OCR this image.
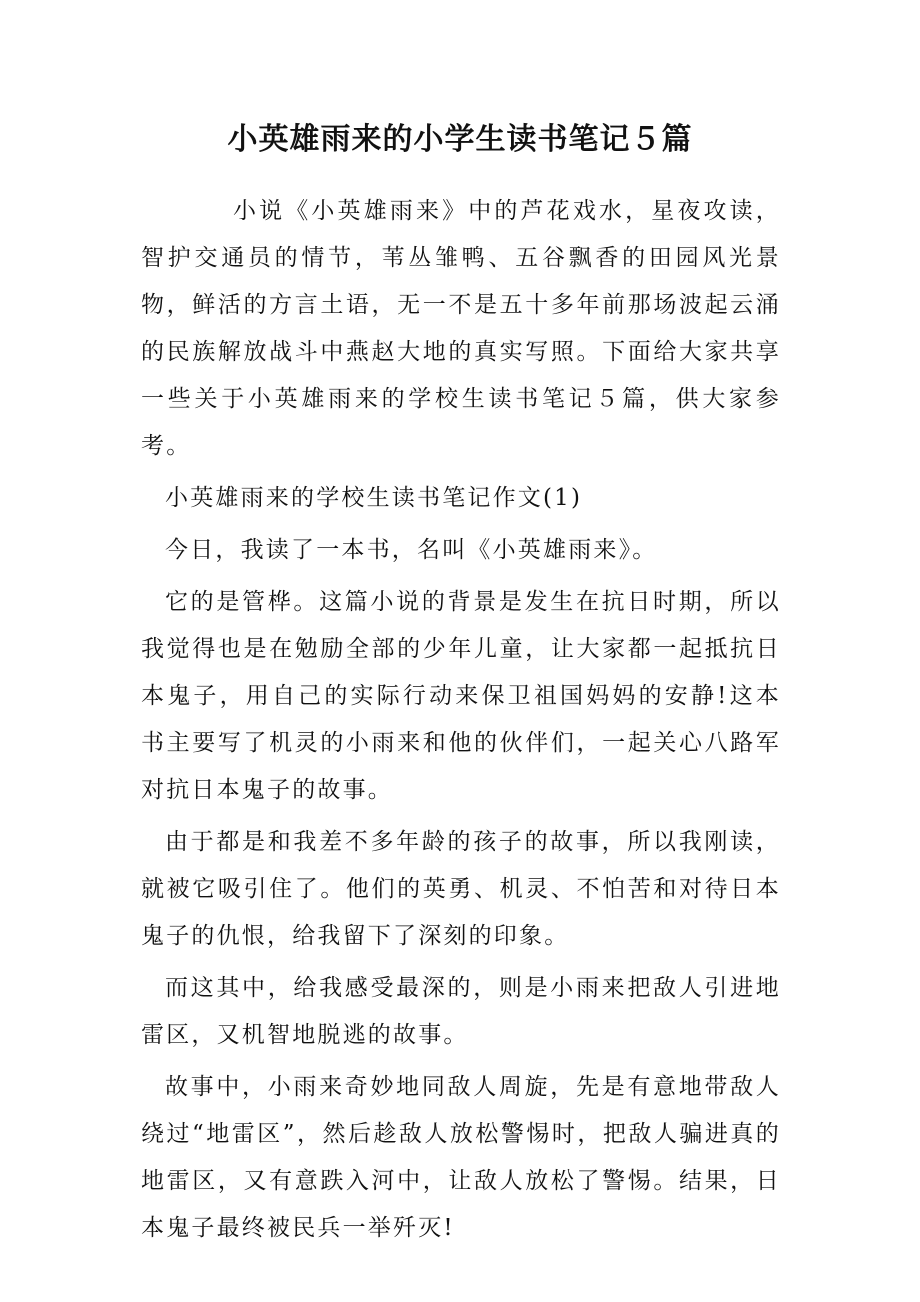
小英雄雨来的小学生读书笔记５篇

小说《小英雄雨来》中的芦花戏水，星夜攻读，智护交通员的情节，苇丛雏鸭、五谷飘香的田园风光景物，鲜活的方言土语，无一不是五十多年前那场波起云涌的民族解放战斗中燕赵大地的真实写照。下面给大家共享一些关于小英雄雨来的学校生读书笔记５篇，供大家参考。

小英雄雨来的学校生读书笔记作文(1)

今日，我读了一本书，名叫《小英雄雨来》。

它的是管桦。这篇小说的背景是发生在抗日时期，所以我觉得也是在勉励全部的少年儿童，让大家都一起抵抗日本鬼子，用自己的实际行动来保卫祖国妈妈的安静!这本书主要写了机灵的小雨来和他的伙伴们，一起关心八路军对抗日本鬼子的故事。

由于都是和我差不多年龄的孩子的故事，所以我刚读，就被它吸引住了。他们的英勇、机灵、不怕苦和对待日本鬼子的仇恨，给我留下了深刻的印象。

而这其中，给我感受最深的，则是小雨来把敌人引进地雷区，又机智地脱逃的故事。

故事中，小雨来奇妙地同敌人周旋，先是有意地带敌人绕过“地雷区”，然后趁敌人放松警惕时，把敌人骗进真的地雷区，又有意跌入河中，让敌人放松了警惕。结果，日本鬼子最终被民兵一举歼灭!
